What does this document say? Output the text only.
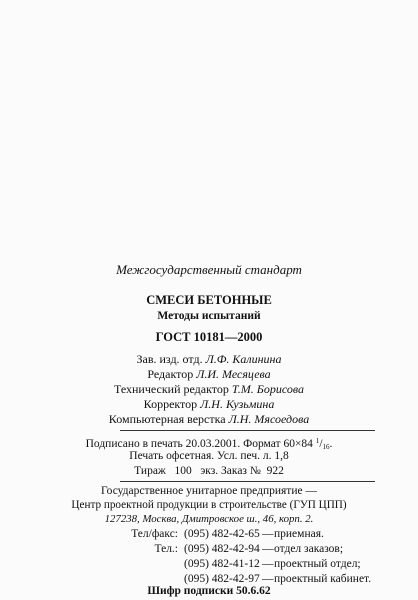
Межгосударственный стандарт
СМЕСИ БЕТОННЫЕ
Методы испытаний
ГОСТ 10181—2000
Зав. изд. отд. Л.Ф. Калинина
Редактор Л.И. Месяцева
Технический редактор Т.М. Борисова
Корректор Л.Н. Кузьмина
Компьютерная верстка Л.Н. Мясоедова
Подписано в печать 20.03.2001. Формат 60×84 $^1/_{16}$.
Печать офсетная. Усл. печ. л. 1,8
Тираж 100 экз. Заказ № 922
Государственное унитарное предприятие —
Центр проектной продукции в строительстве (ГУП ЦПП)
127238, Москва, Дмитровское ш., 46, корп. 2.
Тел/факс: (095) 482-42-65 — приемная.
Тел.: (095) 482-42-94 — отдел заказов;
(095) 482-41-12 — проектный отдел;
(095) 482-42-97 — проектный кабинет.
Шифр подписки 50.6.62
